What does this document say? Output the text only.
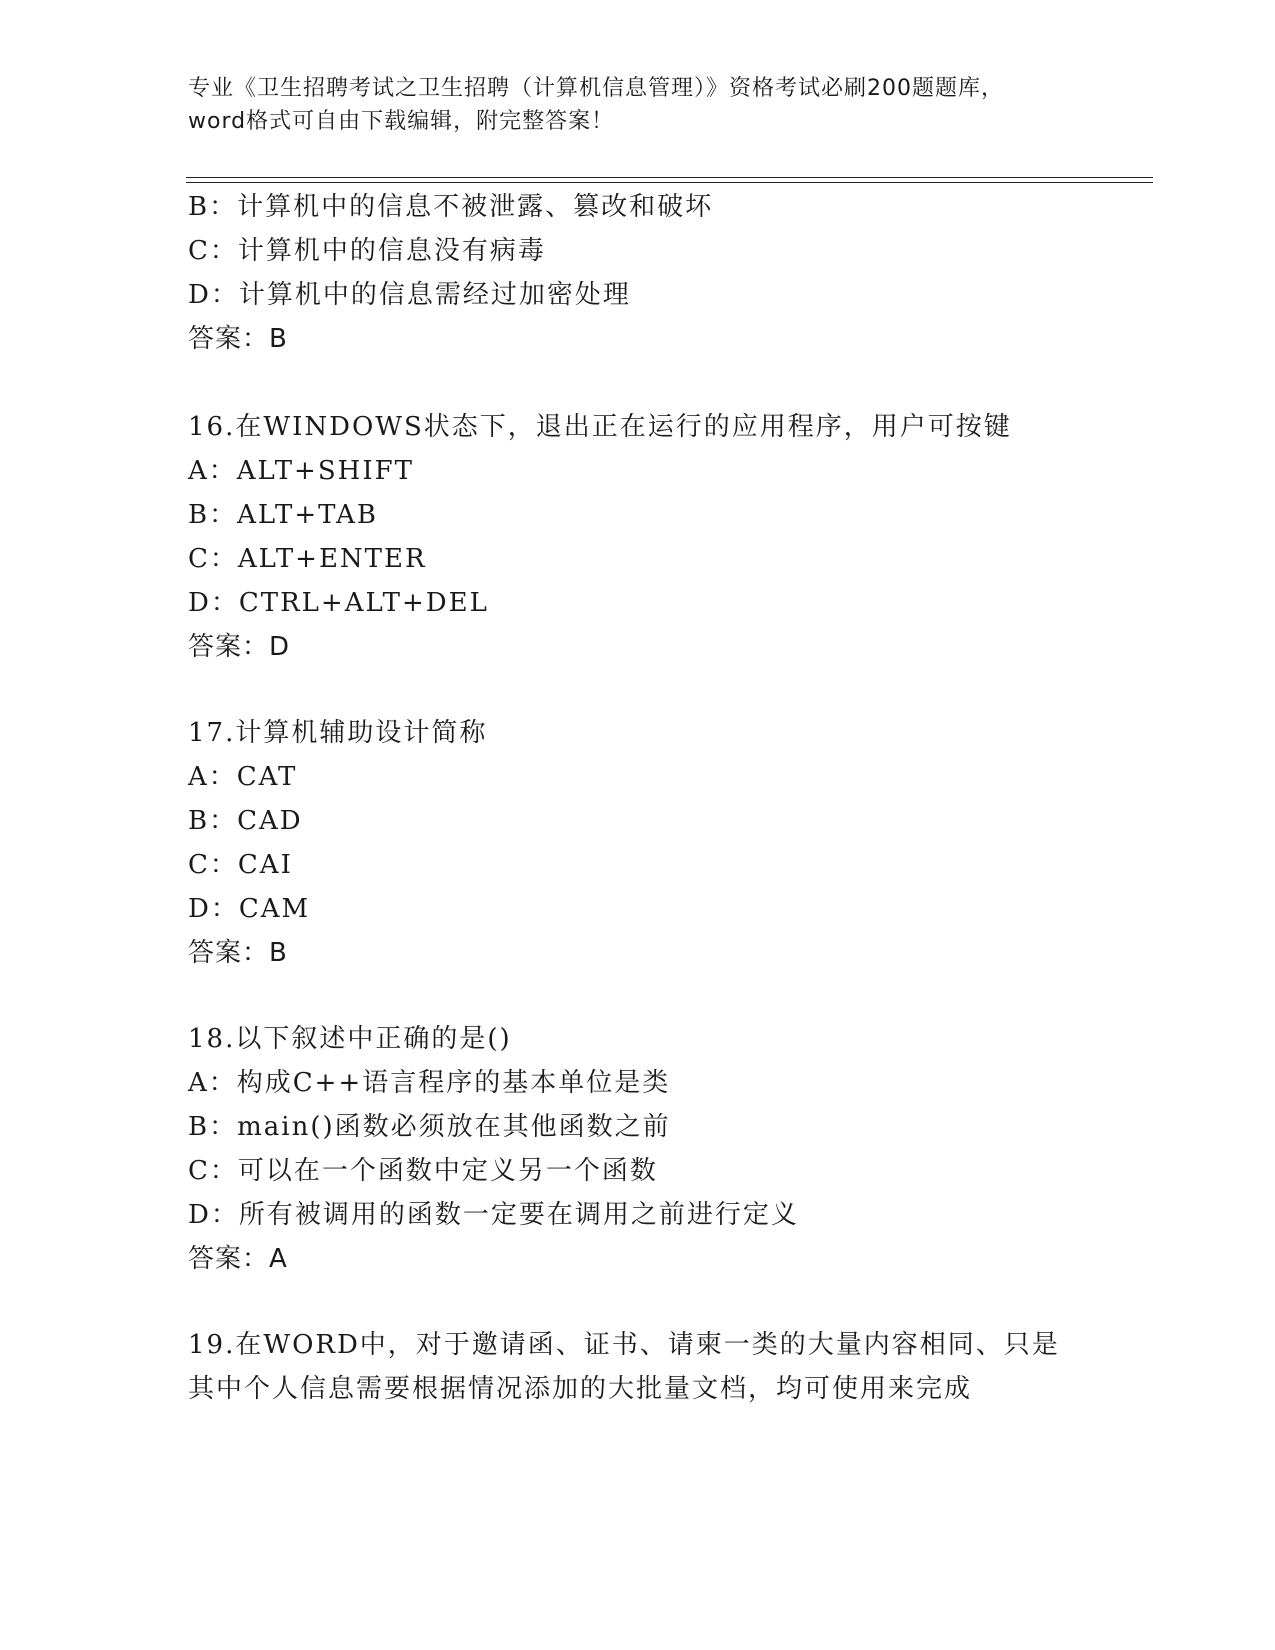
专业《卫生招聘考试之卫生招聘（计算机信息管理）》资格考试必刷200题题库，
word格式可自由下载编辑，附完整答案！
B：计算机中的信息不被泄露、篡改和破坏
C：计算机中的信息没有病毒
D：计算机中的信息需经过加密处理
答案：B
16.在WINDOWS状态下，退出正在运行的应用程序，用户可按键
A：ALT+SHIFT
B：ALT+TAB
C：ALT+ENTER
D：CTRL+ALT+DEL
答案：D
17.计算机辅助设计简称
A：CAT
B：CAD
C：CAI
D：CAM
答案：B
18.以下叙述中正确的是()
A：构成C++语言程序的基本单位是类
B：main()函数必须放在其他函数之前
C：可以在一个函数中定义另一个函数
D：所有被调用的函数一定要在调用之前进行定义
答案：A
19.在WORD中，对于邀请函、证书、请柬一类的大量内容相同、只是
其中个人信息需要根据情况添加的大批量文档，均可使用来完成
